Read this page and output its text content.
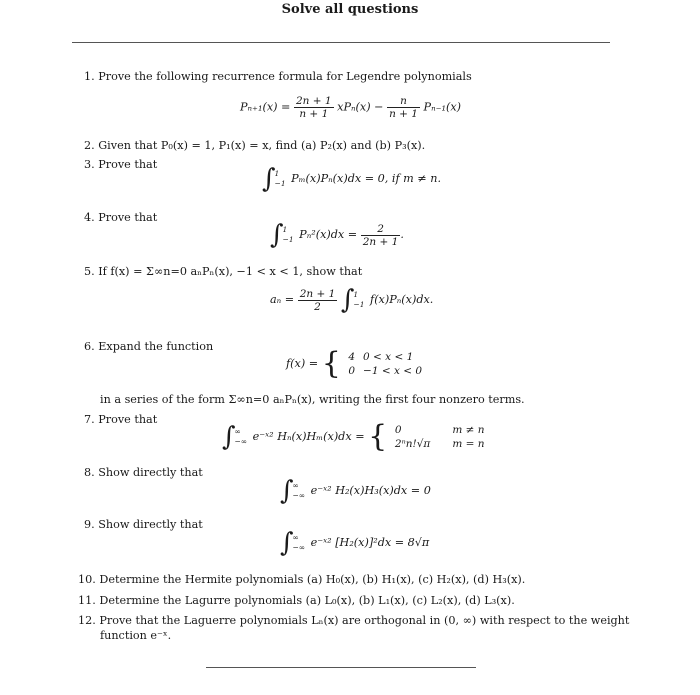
Solve all questions
1. Prove the following recurrence formula for Legendre polynomials
$P_{n+1}(x) = \frac{2n + 1}{n + 1} xP_n(x) - \frac{n}{n + 1} P_{n-1}(x)$
2. Given that P₀(x) = 1, P₁(x) = x, find (a) P₂(x) and (b) P₃(x).
3. Prove that	∫ 1
−1 Pₘ(x)Pₙ(x)dx = 0, if m ≠ n.
4. Prove that
∫ 1
−1 $P_n^2(x)dx = \frac{2}{2n + 1}$ .
5. If f(x) = Σ∞n=0 aₙPₙ(x), −1 < x < 1, show that
$a_n = \frac{2n + 1}{2}$ ∫ 1
−1 f(x)Pₙ(x)dx.
6. Expand the function
f(x) = { 4	0 < x < 1
0	−1 < x < 0
in a series of the form Σ∞n=0 aₙPₙ(x), writing the first four nonzero terms.
7. Prove that
∫ ∞
−∞ e⁻ˣ² Hₙ(x)Hₘ(x)dx = { 0	m ≠ n
2ⁿn!√π	m = n
8. Show directly that
∫ ∞
−∞ e⁻ˣ² H₂(x)H₃(x)dx = 0
9. Show directly that
∫ ∞
−∞ e⁻ˣ² [H₂(x)]²dx = 8√π
10. Determine the Hermite polynomials (a) H₀(x), (b) H₁(x), (c) H₂(x), (d) H₃(x).
11. Determine the Lagurre polynomials (a) L₀(x), (b) L₁(x), (c) L₂(x), (d) L₃(x).
12. Prove that the Laguerre polynomials Lₙ(x) are orthogonal in (0, ∞) with respect to the weight
function e⁻ˣ.
